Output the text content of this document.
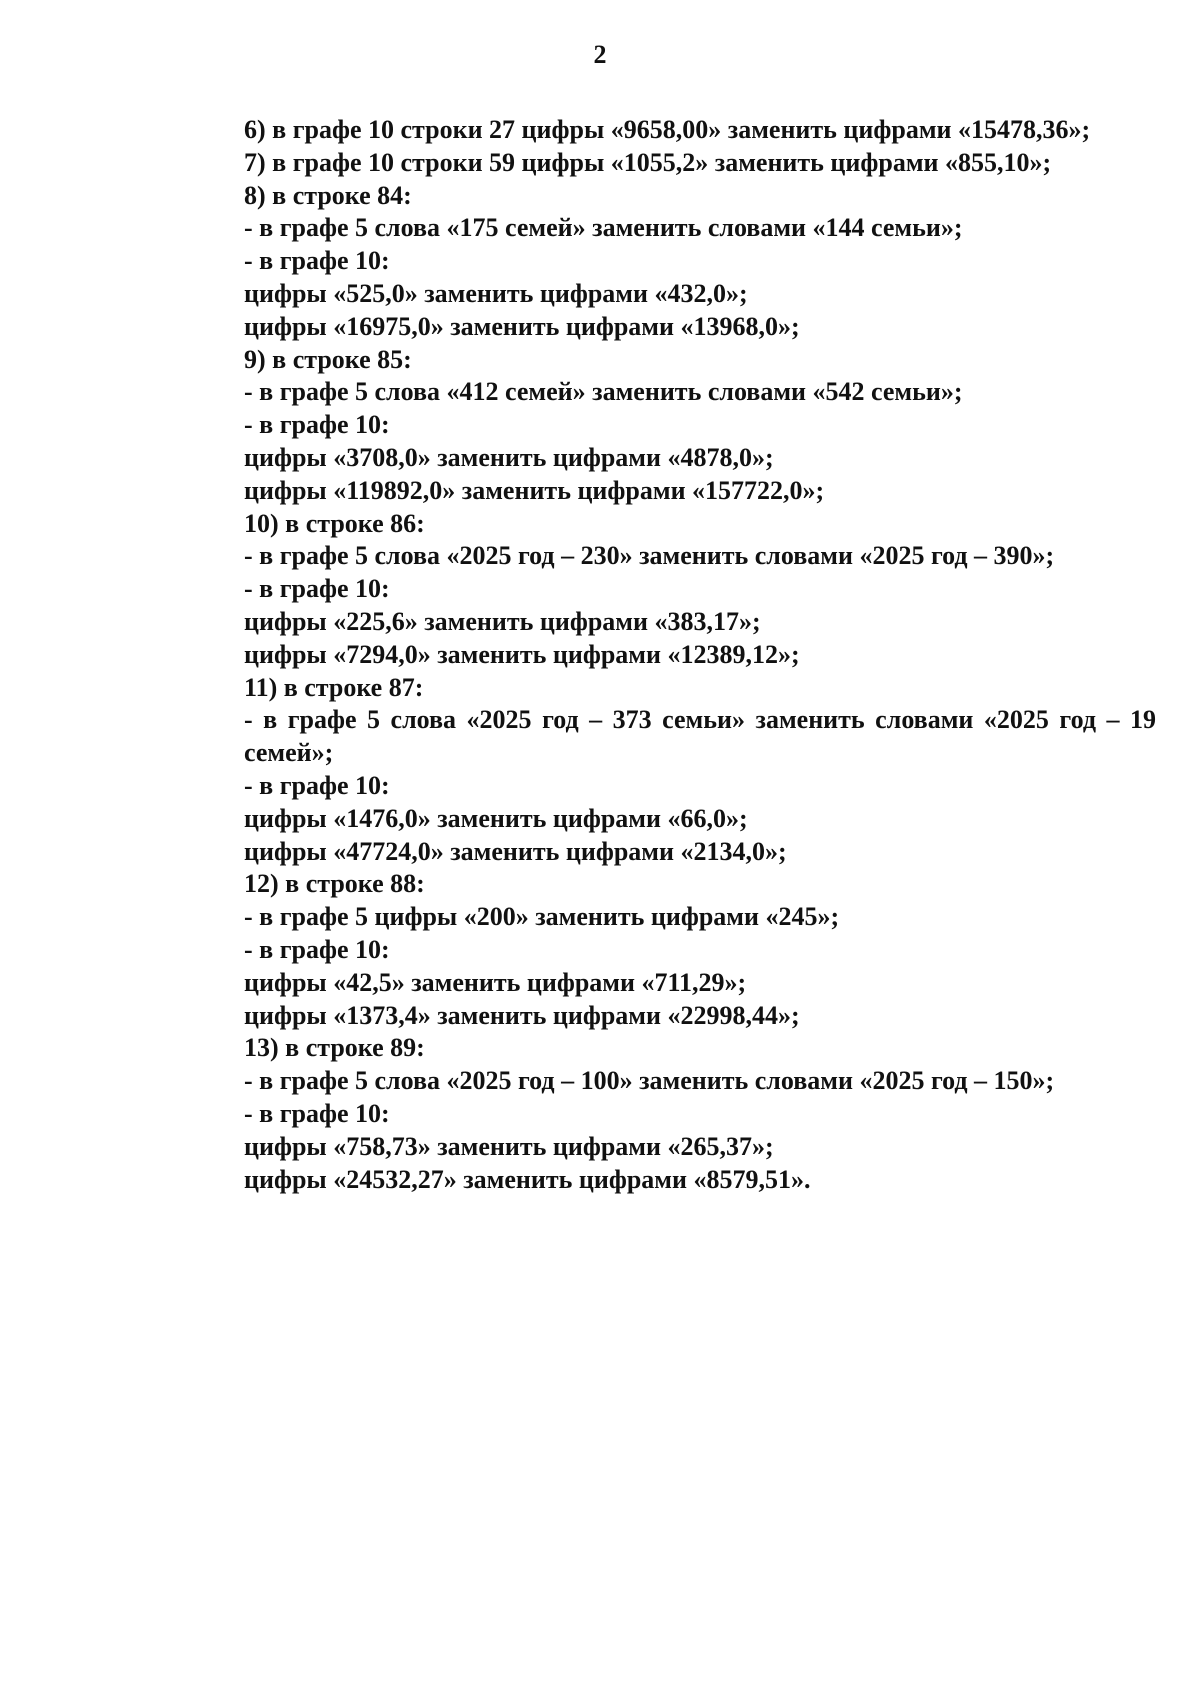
2
6) в графе 10 строки 27 цифры «9658,00» заменить цифрами «15478,36»;
7) в графе 10 строки 59 цифры «1055,2» заменить цифрами «855,10»;
8) в строке 84:
- в графе 5 слова «175 семей» заменить словами «144 семьи»;
- в графе 10:
цифры «525,0» заменить цифрами «432,0»;
цифры «16975,0» заменить цифрами «13968,0»;
9) в строке 85:
- в графе 5 слова «412 семей» заменить словами «542 семьи»;
- в графе 10:
цифры «3708,0» заменить цифрами «4878,0»;
цифры «119892,0» заменить цифрами «157722,0»;
10) в строке 86:
- в графе 5 слова «2025 год – 230» заменить словами «2025 год – 390»;
- в графе 10:
цифры «225,6» заменить цифрами «383,17»;
цифры «7294,0» заменить цифрами «12389,12»;
11) в строке 87:
- в графе 5 слова «2025 год – 373 семьи» заменить словами «2025 год – 19 семей»;
- в графе 10:
цифры «1476,0» заменить цифрами «66,0»;
цифры «47724,0» заменить цифрами «2134,0»;
12) в строке 88:
- в графе 5 цифры «200» заменить цифрами «245»;
- в графе 10:
цифры «42,5» заменить цифрами «711,29»;
цифры «1373,4» заменить цифрами «22998,44»;
13) в строке 89:
- в графе 5 слова «2025 год – 100» заменить словами «2025 год – 150»;
- в графе 10:
цифры «758,73» заменить цифрами «265,37»;
цифры «24532,27» заменить цифрами «8579,51».
